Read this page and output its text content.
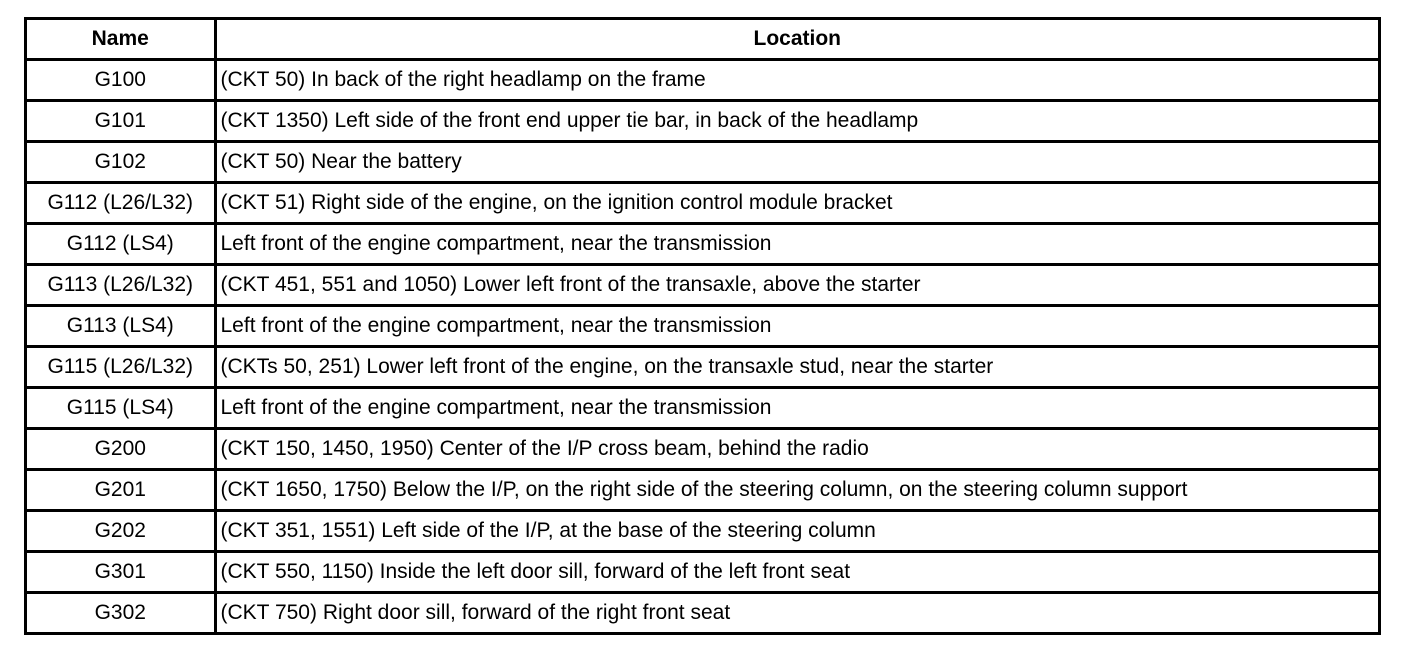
Name	Location
G100	(CKT 50) In back of the right headlamp on the frame
G101	(CKT 1350) Left side of the front end upper tie bar, in back of the headlamp
G102	(CKT 50) Near the battery
G112 (L26/L32)	(CKT 51) Right side of the engine, on the ignition control module bracket
G112 (LS4)	Left front of the engine compartment, near the transmission
G113 (L26/L32)	(CKT 451, 551 and 1050) Lower left front of the transaxle, above the starter
G113 (LS4)	Left front of the engine compartment, near the transmission
G115 (L26/L32)	(CKTs 50, 251) Lower left front of the engine, on the transaxle stud, near the starter
G115 (LS4)	Left front of the engine compartment, near the transmission
G200	(CKT 150, 1450, 1950) Center of the I/P cross beam, behind the radio
G201	(CKT 1650, 1750) Below the I/P, on the right side of the steering column, on the steering column support
G202	(CKT 351, 1551) Left side of the I/P, at the base of the steering column
G301	(CKT 550, 1150) Inside the left door sill, forward of the left front seat
G302	(CKT 750) Right door sill, forward of the right front seat
